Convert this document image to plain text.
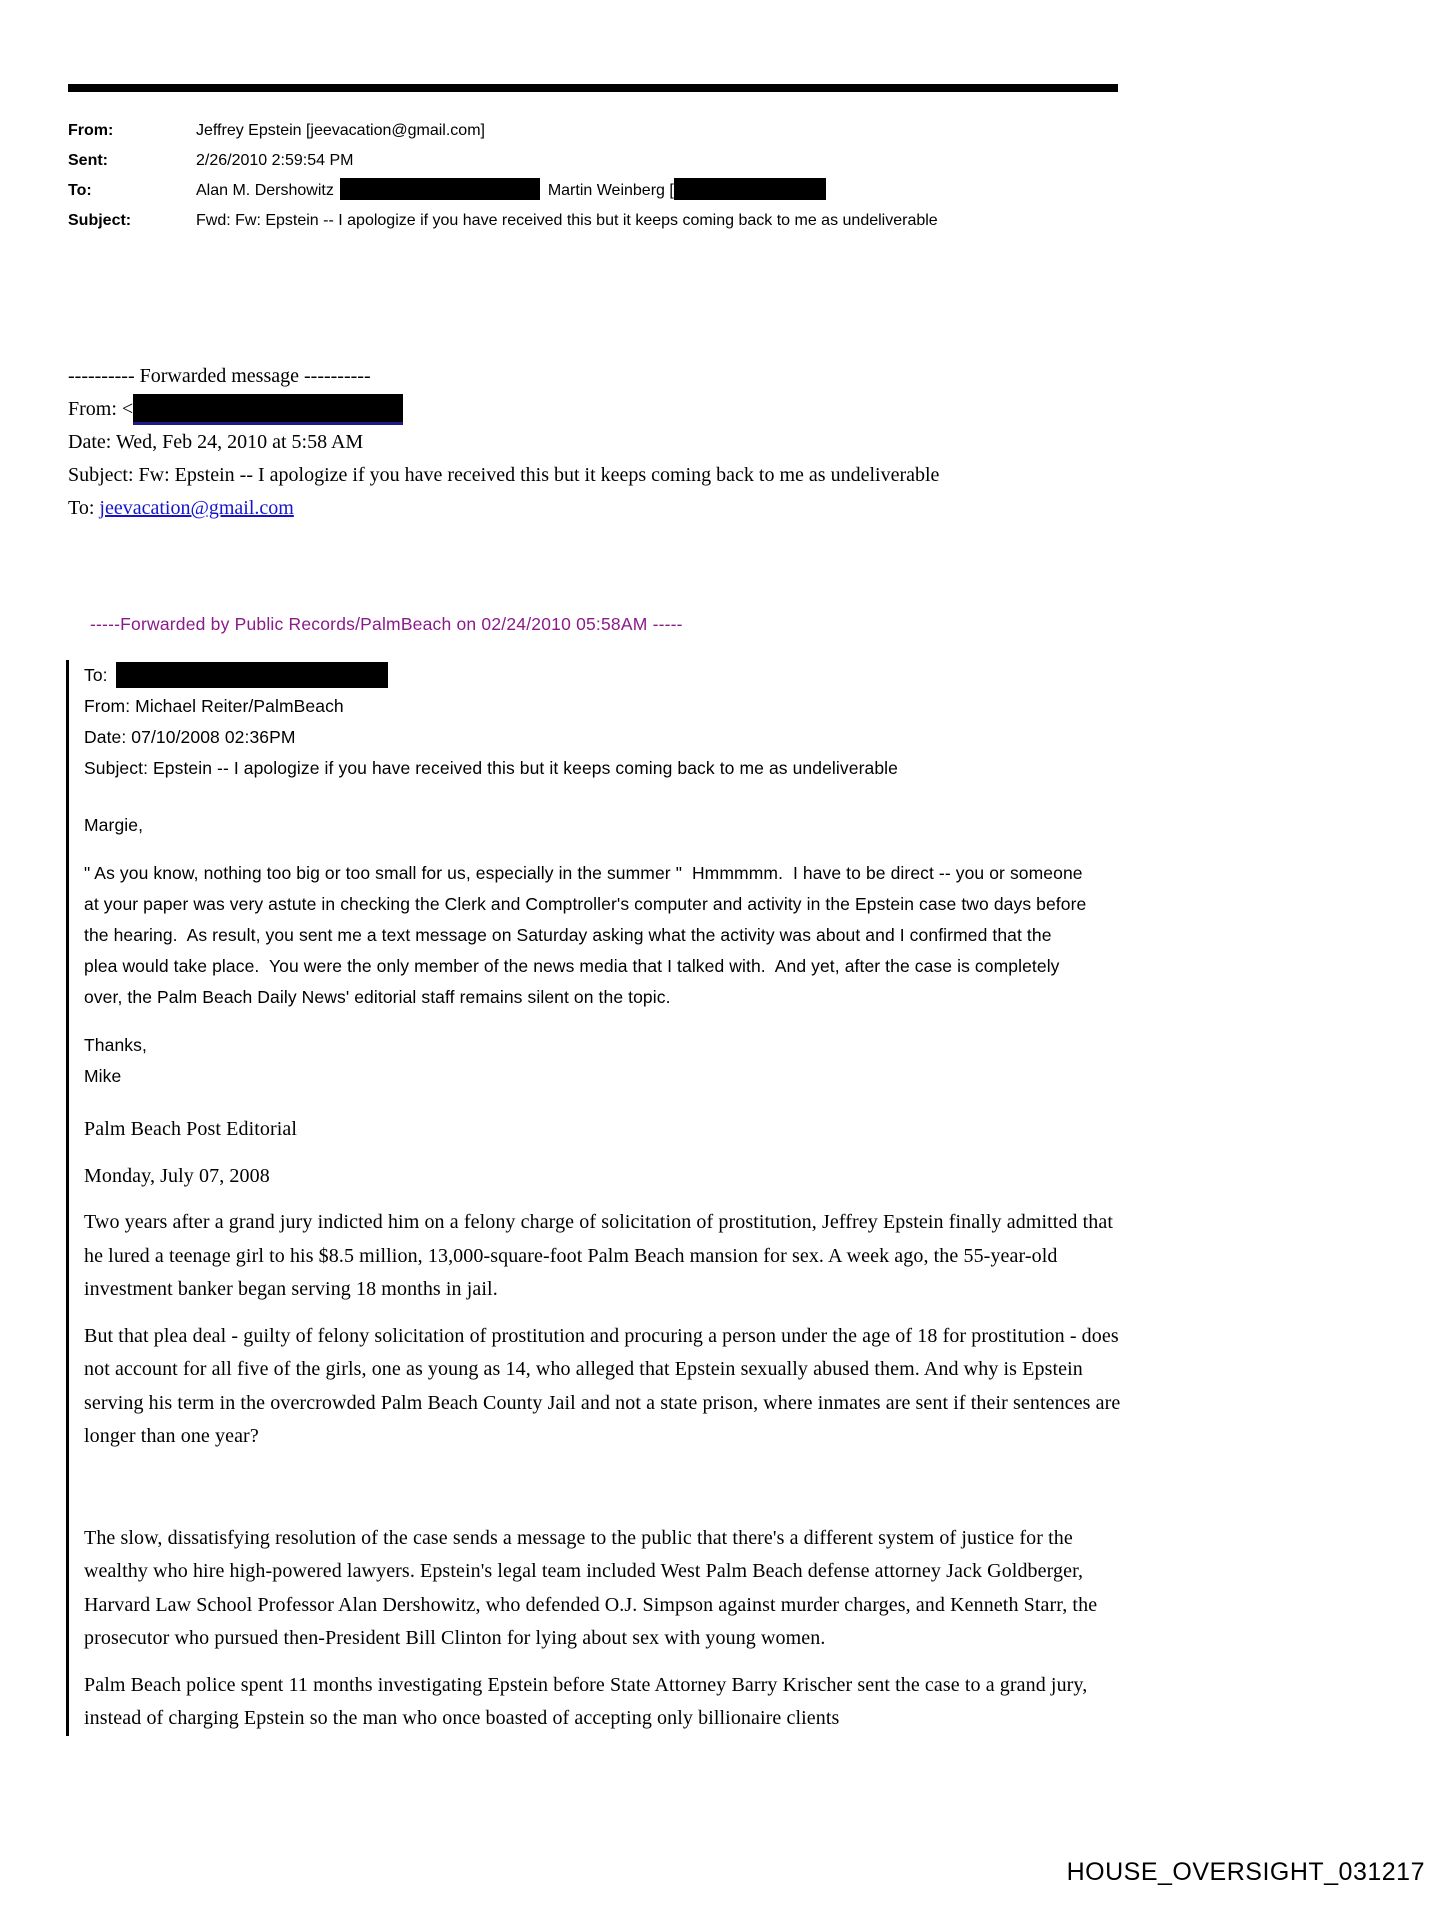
From:	Jeffrey Epstein [jeevacation@gmail.com]
Sent:	2/26/2010 2:59:54 PM
To:	Alan M. Dershowitz	Martin Weinberg [
Subject:	Fwd: Fw: Epstein -- I apologize if you have received this but it keeps coming back to me as undeliverable
---------- Forwarded message ----------
From: <
Date: Wed, Feb 24, 2010 at 5:58 AM
Subject: Fw: Epstein -- I apologize if you have received this but it keeps coming back to me as undeliverable
To: jeevacation@gmail.com
-----Forwarded by Public Records/PalmBeach on 02/24/2010 05:58AM -----
To:
From: Michael Reiter/PalmBeach
Date: 07/10/2008 02:36PM
Subject: Epstein -- I apologize if you have received this but it keeps coming back to me as undeliverable
Margie,
" As you know, nothing too big or too small for us, especially in the summer "  Hmmmmm.  I have to be direct -- you or someone at your paper was very astute in checking the Clerk and Comptroller's computer and activity in the Epstein case two days before the hearing.  As result, you sent me a text message on Saturday asking what the activity was about and I confirmed that the plea would take place.  You were the only member of the news media that I talked with.  And yet, after the case is completely over, the Palm Beach Daily News' editorial staff remains silent on the topic.
Thanks,
Mike
Palm Beach Post Editorial
Monday, July 07, 2008

Two years after a grand jury indicted him on a felony charge of solicitation of prostitution, Jeffrey Epstein finally admitted that he lured a teenage girl to his $8.5 million, 13,000-square-foot Palm Beach mansion for sex. A week ago, the 55-year-old investment banker began serving 18 months in jail.

But that plea deal - guilty of felony solicitation of prostitution and procuring a person under the age of 18 for prostitution - does not account for all five of the girls, one as young as 14, who alleged that Epstein sexually abused them. And why is Epstein serving his term in the overcrowded Palm Beach County Jail and not a state prison, where inmates are sent if their sentences are longer than one year?

The slow, dissatisfying resolution of the case sends a message to the public that there's a different system of justice for the wealthy who hire high-powered lawyers. Epstein's legal team included West Palm Beach defense attorney Jack Goldberger, Harvard Law School Professor Alan Dershowitz, who defended O.J. Simpson against murder charges, and Kenneth Starr, the prosecutor who pursued then-President Bill Clinton for lying about sex with young women.

Palm Beach police spent 11 months investigating Epstein before State Attorney Barry Krischer sent the case to a grand jury, instead of charging Epstein so the man who once boasted of accepting only billionaire clients

HOUSE_OVERSIGHT_031217
